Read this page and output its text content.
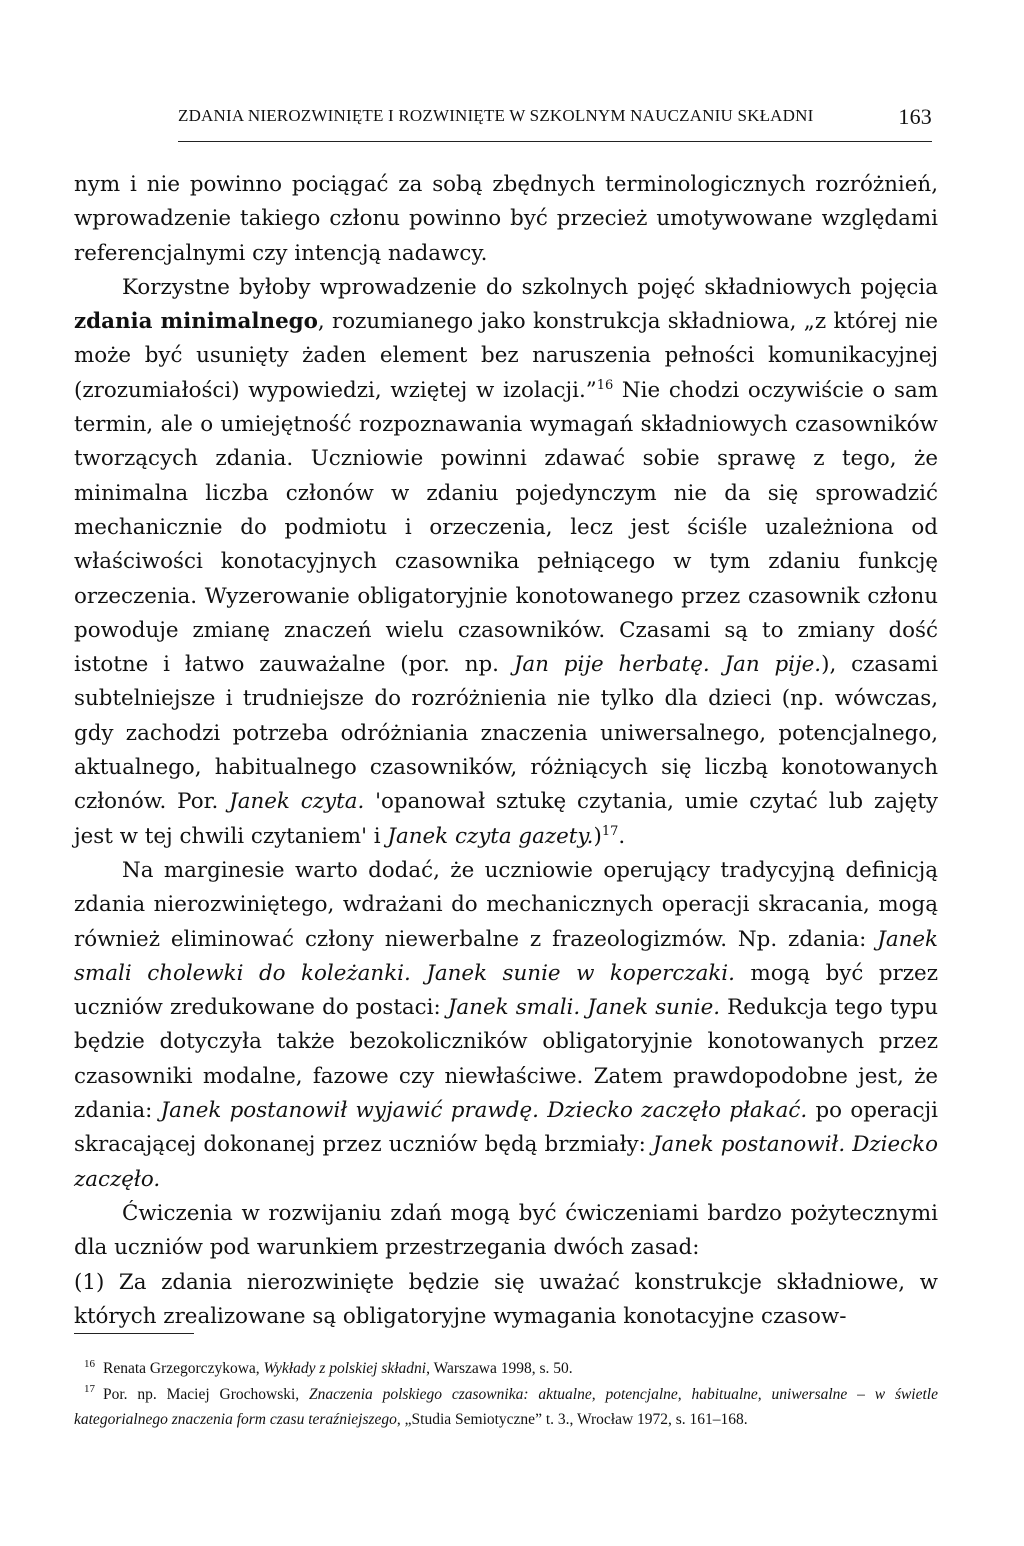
ZDANIA NIEROZWINIĘTE I ROZWINIĘTE W SZKOLNYM NAUCZANIU SKŁADNI	163

nym i nie powinno pociągać za sobą zbędnych terminologicznych rozróżnień, wprowadzenie takiego członu powinno być przecież umotywowane względami referencjalnymi czy intencją nadawcy.

Korzystne byłoby wprowadzenie do szkolnych pojęć składniowych pojęcia zdania minimalnego, rozumianego jako konstrukcja składniowa, „z której nie może być usunięty żaden element bez naruszenia pełności komunikacyjnej (zrozumiałości) wypowiedzi, wziętej w izolacji.”$^{16}$ Nie chodzi oczywiście o sam termin, ale o umiejętność rozpoznawania wymagań składniowych czasowników tworzących zdania. Uczniowie powinni zdawać sobie sprawę z tego, że minimalna liczba członów w zdaniu pojedynczym nie da się sprowadzić mechanicznie do podmiotu i orzeczenia, lecz jest ściśle uzależniona od właściwości konotacyjnych czasownika pełniącego w tym zdaniu funkcję orzeczenia. Wyzerowanie obligatoryjnie konotowanego przez czasownik członu powoduje zmianę znaczeń wielu czasowników. Czasami są to zmiany dość istotne i łatwo zauważalne (por. np. Jan pije herbatę. Jan pije.), czasami subtelniejsze i trudniejsze do rozróżnienia nie tylko dla dzieci (np. wówczas, gdy zachodzi potrzeba odróżniania znaczenia uniwersalnego, potencjalnego, aktualnego, habitualnego czasowników, różniących się liczbą konotowanych członów. Por. Janek czyta. 'opanował sztukę czytania, umie czytać lub zajęty jest w tej chwili czytaniem' i Janek czyta gazety.)$^{17}$.

Na marginesie warto dodać, że uczniowie operujący tradycyjną definicją zdania nierozwiniętego, wdrażani do mechanicznych operacji skracania, mogą również eliminować człony niewerbalne z frazeologizmów. Np. zdania: Janek smali cholewki do koleżanki. Janek sunie w koperczaki. mogą być przez uczniów zredukowane do postaci: Janek smali. Janek sunie. Redukcja tego typu będzie dotyczyła także bezokoliczników obligatoryjnie konotowanych przez czasowniki modalne, fazowe czy niewłaściwe. Zatem prawdopodobne jest, że zdania: Janek postanowił wyjawić prawdę. Dziecko zaczęło płakać. po operacji skracającej dokonanej przez uczniów będą brzmiały: Janek postanowił. Dziecko zaczęło.

Ćwiczenia w rozwijaniu zdań mogą być ćwiczeniami bardzo pożytecznymi dla uczniów pod warunkiem przestrzegania dwóch zasad:

(1) Za zdania nierozwinięte będzie się uważać konstrukcje składniowe, w których zrealizowane są obligatoryjne wymagania konotacyjne czasow-

$^{16}$ Renata Grzegorczykowa, Wykłady z polskiej składni, Warszawa 1998, s. 50.

$^{17}$ Por. np. Maciej Grochowski, Znaczenia polskiego czasownika: aktualne, potencjalne, habitualne, uniwersalne – w świetle kategorialnego znaczenia form czasu teraźniejszego, „Studia Semiotyczne” t. 3., Wrocław 1972, s. 161–168.
